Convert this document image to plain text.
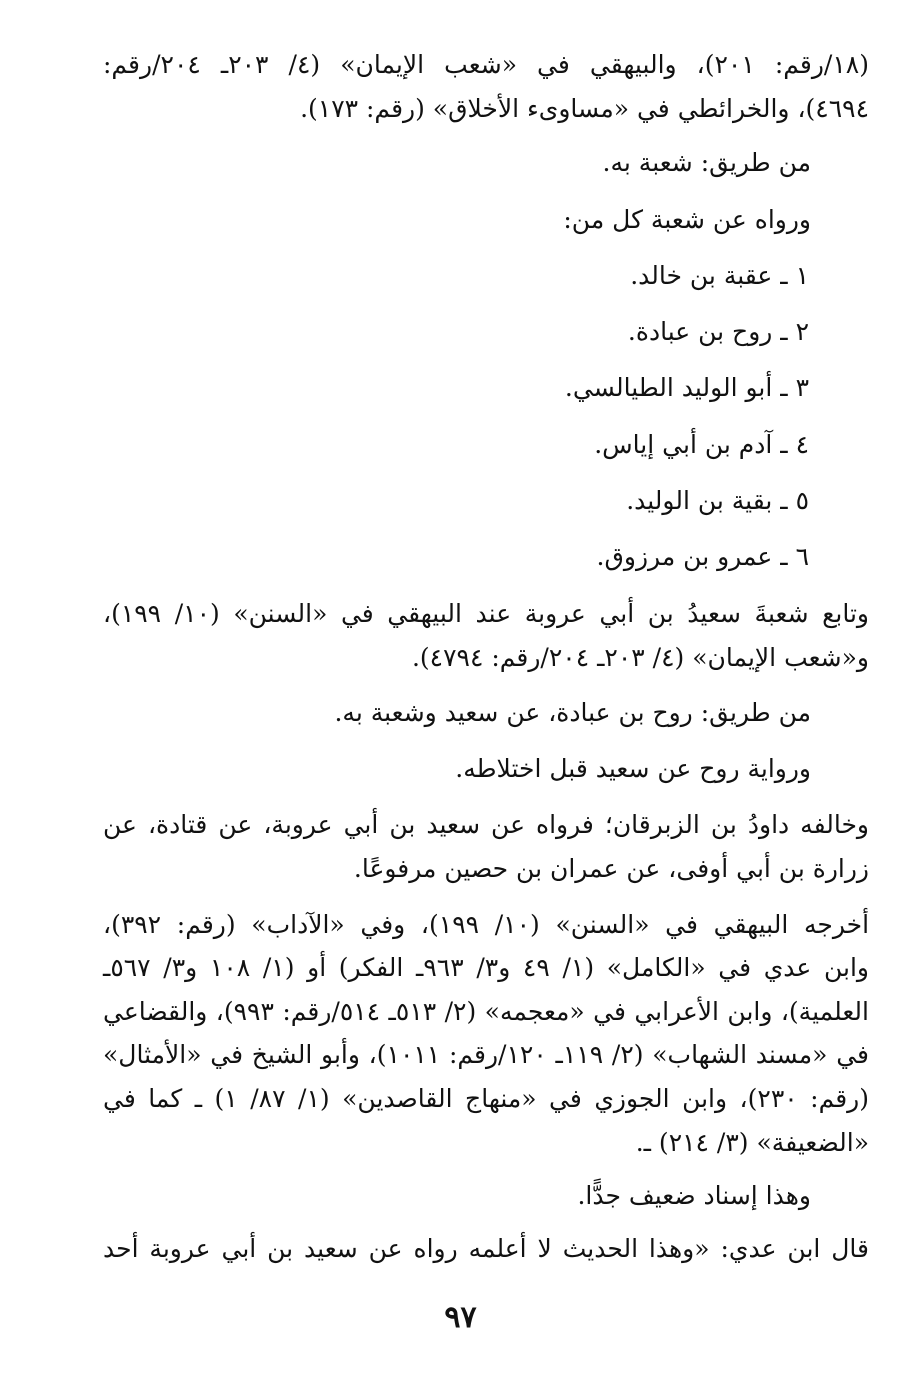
(١٨/رقم: ٢٠١)، والبيهقي في «شعب الإيمان» (٤/ ٢٠٣ـ ٢٠٤/رقم:
٤٦٩٤)، والخرائطي في «مساوىء الأخلاق» (رقم: ١٧٣).
من طريق: شعبة به.
ورواه عن شعبة كل من:
١ ـ عقبة بن خالد.
٢ ـ روح بن عبادة.
٣ ـ أبو الوليد الطيالسي.
٤ ـ آدم بن أبي إياس.
٥ ـ بقية بن الوليد.
٦ ـ عمرو بن مرزوق.
وتابع شعبةَ سعيدُ بن أبي عروبة عند البيهقي في «السنن» (١٠/ ١٩٩)،
و«شعب الإيمان» (٤/ ٢٠٣ـ ٢٠٤/رقم: ٤٧٩٤).
من طريق: روح بن عبادة، عن سعيد وشعبة به.
ورواية روح عن سعيد قبل اختلاطه.
وخالفه داودُ بن الزبرقان؛ فرواه عن سعيد بن أبي عروبة، عن قتادة، عن
زرارة بن أبي أوفى، عن عمران بن حصين مرفوعًا.
أخرجه البيهقي في «السنن» (١٠/ ١٩٩)، وفي «الآداب» (رقم: ٣٩٢)،
وابن عدي في «الكامل» (١/ ٤٩ و٣/ ٩٦٣ـ الفكر) أو (١/ ١٠٨ و٣/ ٥٦٧ـ
العلمية)، وابن الأعرابي في «معجمه» (٢/ ٥١٣ـ ٥١٤/رقم: ٩٩٣)، والقضاعي
في «مسند الشهاب» (٢/ ١١٩ـ ١٢٠/رقم: ١٠١١)، وأبو الشيخ في «الأمثال»
(رقم: ٢٣٠)، وابن الجوزي في «منهاج القاصدين» (١/ ٨٧/ ١) ـ كما في
«الضعيفة» (٣/ ٢١٤) ـ.
وهذا إسناد ضعيف جدًّا.
قال ابن عدي: «وهذا الحديث لا أعلمه رواه عن سعيد بن أبي عروبة أحد
٩٧
